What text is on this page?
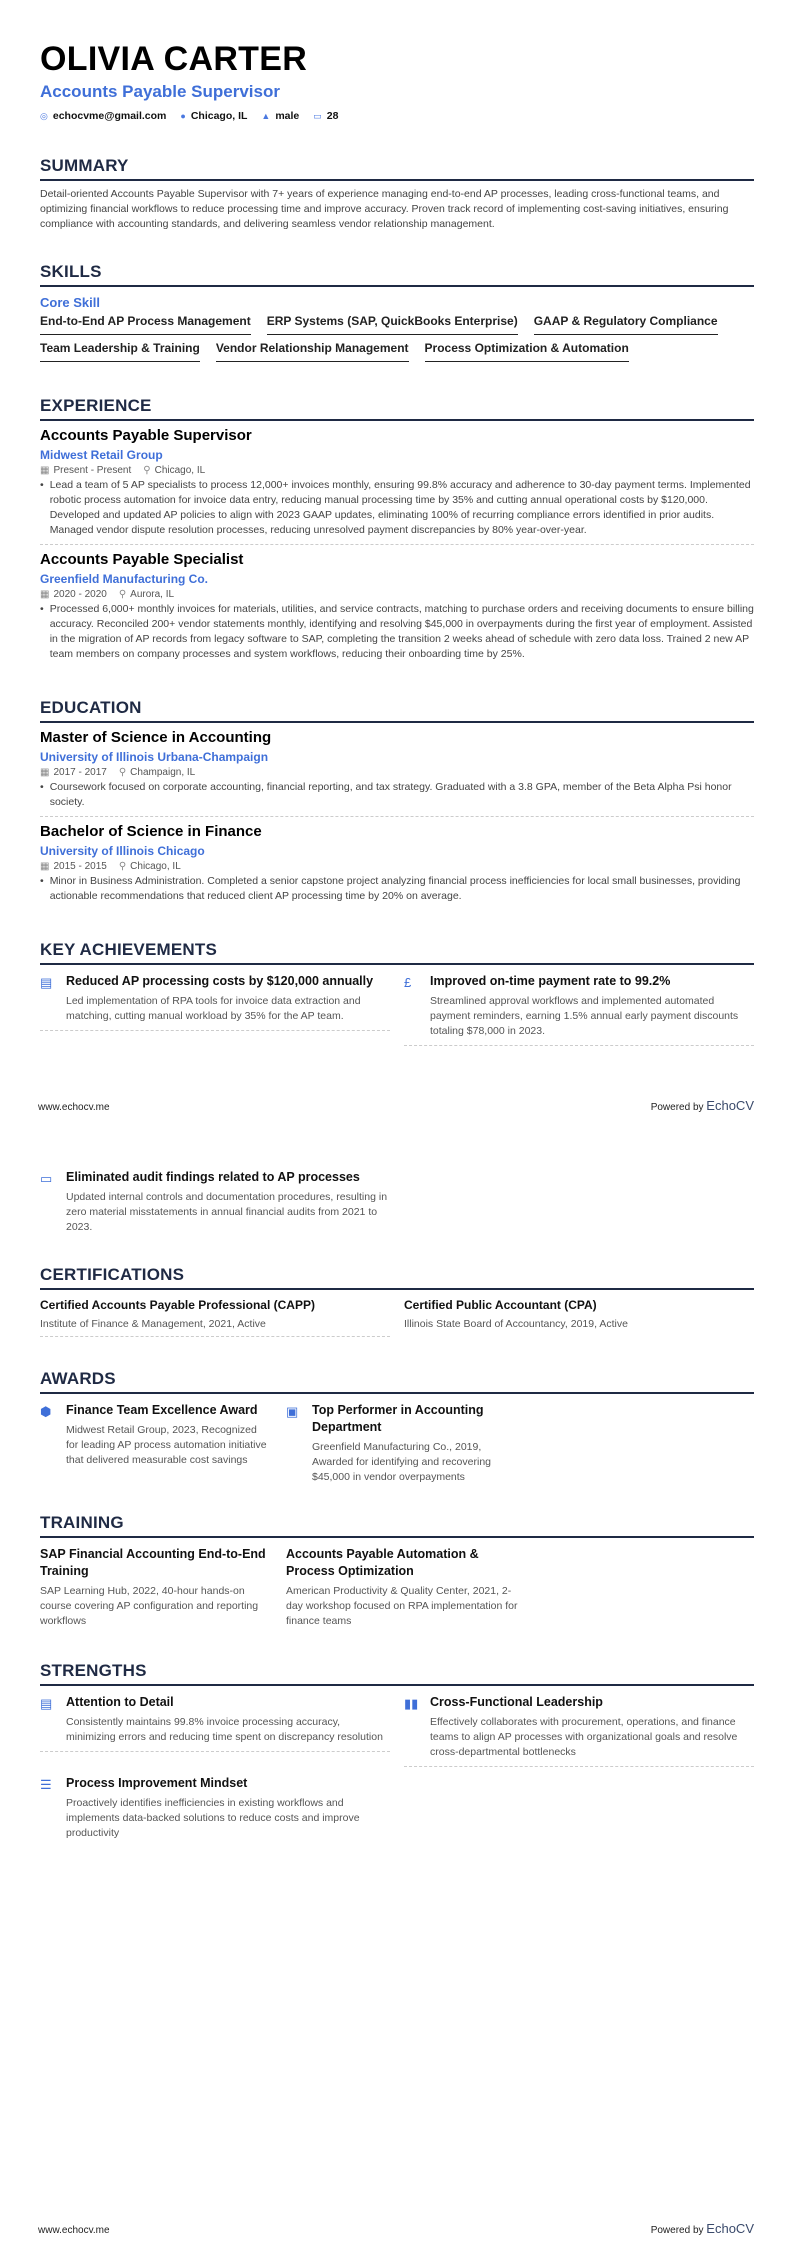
OLIVIA CARTER
Accounts Payable Supervisor
◎ echocvme@gmail.com ● Chicago, IL ▲ male ▭ 28
SUMMARY

Detail-oriented Accounts Payable Supervisor with 7+ years of experience managing end-to-end AP processes, leading cross-functional teams, and optimizing financial workflows to reduce processing time and improve accuracy. Proven track record of implementing cost-saving initiatives, ensuring compliance with accounting standards, and delivering seamless vendor relationship management.

SKILLS
Core Skill
End-to-End AP Process Management ERP Systems (SAP, QuickBooks Enterprise) GAAP & Regulatory Compliance
Team Leadership & Training Vendor Relationship Management Process Optimization & Automation
EXPERIENCE
Accounts Payable Supervisor
Midwest Retail Group
▦ Present - Present ⚲ Chicago, IL
• Lead a team of 5 AP specialists to process 12,000+ invoices monthly, ensuring 99.8% accuracy and adherence to 30-day payment terms. Implemented robotic process automation for invoice data entry, reducing manual processing time by 35% and cutting annual operational costs by $120,000. Developed and updated AP policies to align with 2023 GAAP updates, eliminating 100% of recurring compliance errors identified in prior audits. Managed vendor dispute resolution processes, reducing unresolved payment discrepancies by 80% year-over-year.
Accounts Payable Specialist
Greenfield Manufacturing Co.
▦ 2020 - 2020 ⚲ Aurora, IL
• Processed 6,000+ monthly invoices for materials, utilities, and service contracts, matching to purchase orders and receiving documents to ensure billing accuracy. Reconciled 200+ vendor statements monthly, identifying and resolving $45,000 in overpayments during the first year of employment. Assisted in the migration of AP records from legacy software to SAP, completing the transition 2 weeks ahead of schedule with zero data loss. Trained 2 new AP team members on company processes and system workflows, reducing their onboarding time by 25%.
EDUCATION
Master of Science in Accounting
University of Illinois Urbana-Champaign
▦ 2017 - 2017 ⚲ Champaign, IL
• Coursework focused on corporate accounting, financial reporting, and tax strategy. Graduated with a 3.8 GPA, member of the Beta Alpha Psi honor society.
Bachelor of Science in Finance
University of Illinois Chicago
▦ 2015 - 2015 ⚲ Chicago, IL
• Minor in Business Administration. Completed a senior capstone project analyzing financial process inefficiencies for local small businesses, providing actionable recommendations that reduced client AP processing time by 20% on average.
KEY ACHIEVEMENTS
▤ Reduced AP processing costs by $120,000 annually
Led implementation of RPA tools for invoice data extraction and matching, cutting manual workload by 35% for the AP team.
£	Improved on-time payment rate to 99.2%
Streamlined approval workflows and implemented automated payment reminders, earning 1.5% annual early payment discounts totaling $78,000 in 2023.
www.echocv.me	Powered by EchoCV
▭ Eliminated audit findings related to AP processes
Updated internal controls and documentation procedures, resulting in zero material misstatements in annual financial audits from 2021 to 2023.
CERTIFICATIONS
Certified Accounts Payable Professional (CAPP)
Institute of Finance & Management, 2021, Active
Certified Public Accountant (CPA)
Illinois State Board of Accountancy, 2019, Active
AWARDS
⬢ Finance Team Excellence Award
Midwest Retail Group, 2023, Recognized for leading AP process automation initiative that delivered measurable cost savings
▣ Top Performer in Accounting Department
Greenfield Manufacturing Co., 2019, Awarded for identifying and recovering $45,000 in vendor overpayments
TRAINING
SAP Financial Accounting End-to-End Training
SAP Learning Hub, 2022, 40-hour hands-on course covering AP configuration and reporting workflows
Accounts Payable Automation & Process Optimization
American Productivity & Quality Center, 2021, 2-day workshop focused on RPA implementation for finance teams
STRENGTHS
▤ Attention to Detail
Consistently maintains 99.8% invoice processing accuracy, minimizing errors and reducing time spent on discrepancy resolution
▮▮ Cross-Functional Leadership
Effectively collaborates with procurement, operations, and finance teams to align AP processes with organizational goals and resolve cross-departmental bottlenecks
☰ Process Improvement Mindset
Proactively identifies inefficiencies in existing workflows and implements data-backed solutions to reduce costs and improve productivity
www.echocv.me	Powered by EchoCV
